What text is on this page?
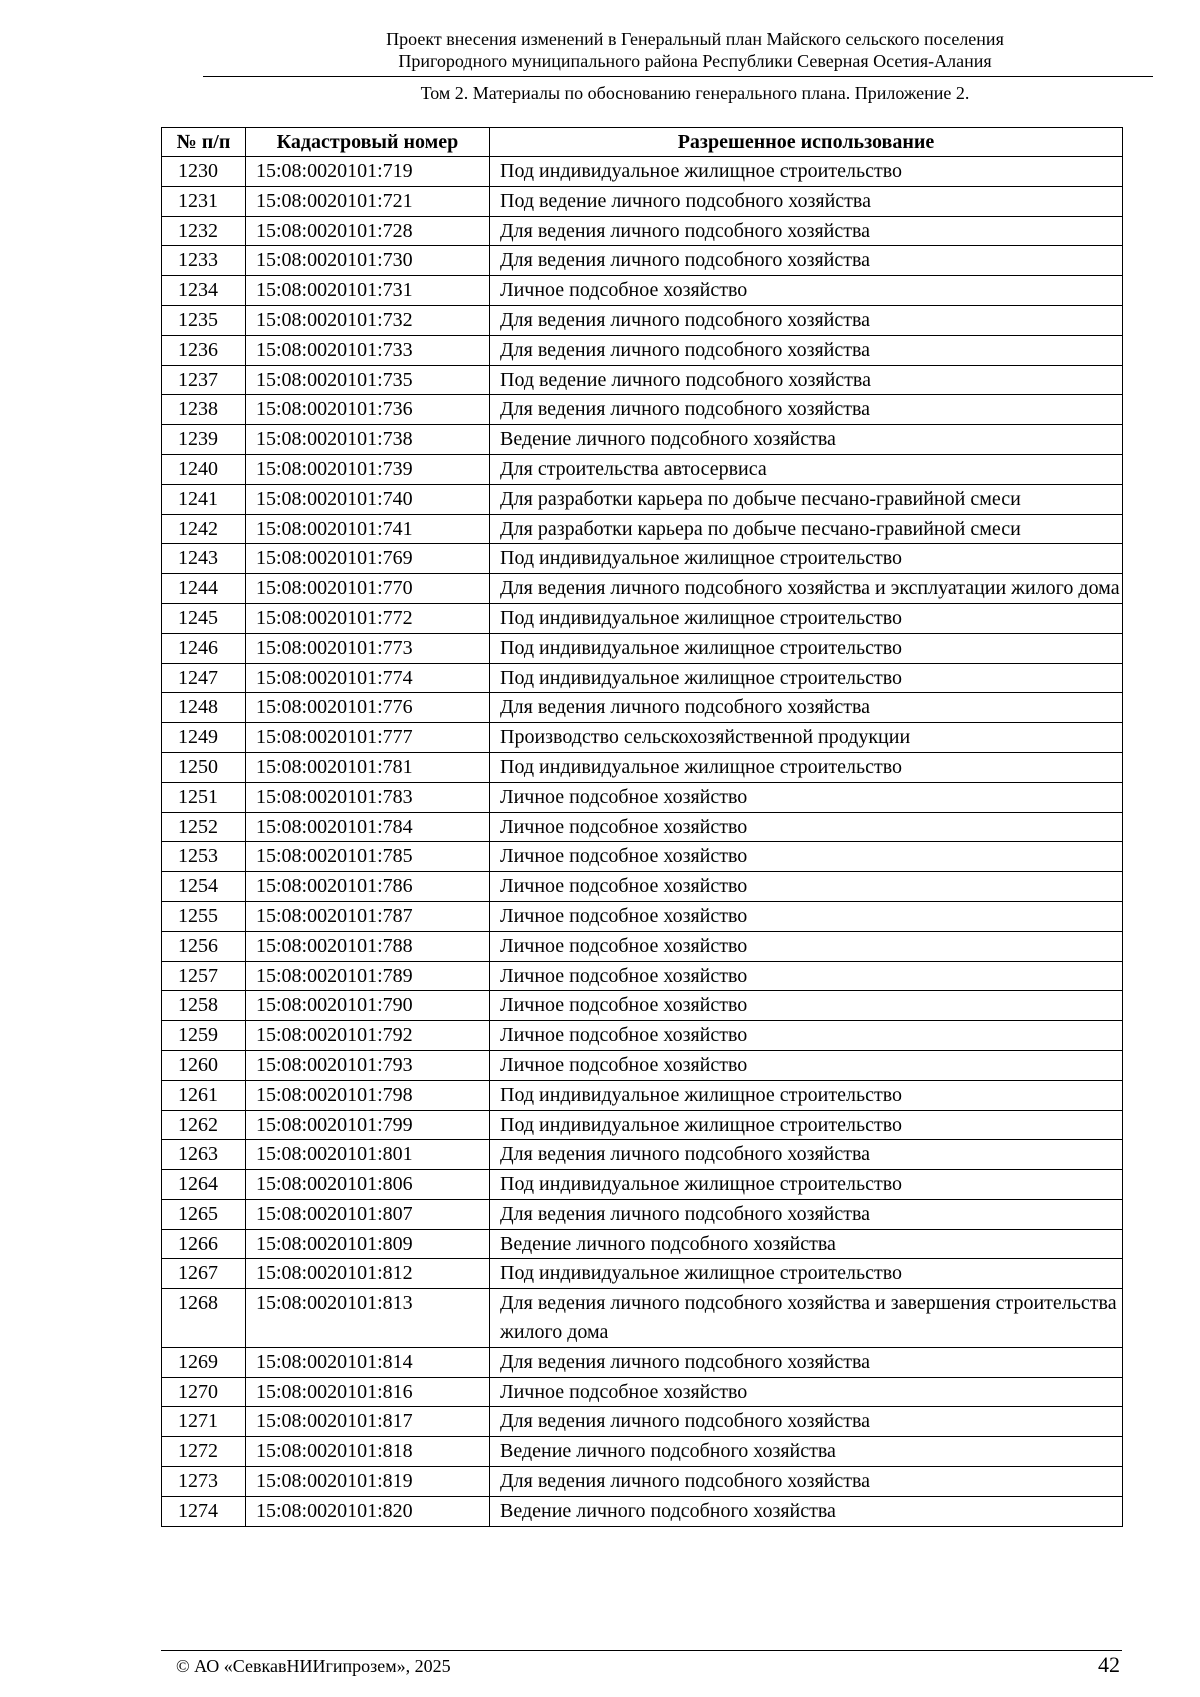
Проект внесения изменений в Генеральный план Майского сельского поселения
Пригородного муниципального района Республики Северная Осетия-Алания
Том 2. Материалы по обоснованию генерального плана. Приложение 2.
№ п/п	Кадастровый номер	Разрешенное использование
1230	15:08:0020101:719	Под индивидуальное жилищное строительство
1231	15:08:0020101:721	Под ведение личного подсобного хозяйства
1232	15:08:0020101:728	Для ведения личного подсобного хозяйства
1233	15:08:0020101:730	Для ведения личного подсобного хозяйства
1234	15:08:0020101:731	Личное подсобное хозяйство
1235	15:08:0020101:732	Для ведения личного подсобного хозяйства
1236	15:08:0020101:733	Для ведения личного подсобного хозяйства
1237	15:08:0020101:735	Под ведение личного подсобного хозяйства
1238	15:08:0020101:736	Для ведения личного подсобного хозяйства
1239	15:08:0020101:738	Ведение личного подсобного хозяйства
1240	15:08:0020101:739	Для строительства автосервиса
1241	15:08:0020101:740	Для разработки карьера по добыче песчано-гравийной смеси
1242	15:08:0020101:741	Для разработки карьера по добыче песчано-гравийной смеси
1243	15:08:0020101:769	Под индивидуальное жилищное строительство
1244	15:08:0020101:770	Для ведения личного подсобного хозяйства и эксплуатации жилого дома
1245	15:08:0020101:772	Под индивидуальное жилищное строительство
1246	15:08:0020101:773	Под индивидуальное жилищное строительство
1247	15:08:0020101:774	Под индивидуальное жилищное строительство
1248	15:08:0020101:776	Для ведения личного подсобного хозяйства
1249	15:08:0020101:777	Производство сельскохозяйственной продукции
1250	15:08:0020101:781	Под индивидуальное жилищное строительство
1251	15:08:0020101:783	Личное подсобное хозяйство
1252	15:08:0020101:784	Личное подсобное хозяйство
1253	15:08:0020101:785	Личное подсобное хозяйство
1254	15:08:0020101:786	Личное подсобное хозяйство
1255	15:08:0020101:787	Личное подсобное хозяйство
1256	15:08:0020101:788	Личное подсобное хозяйство
1257	15:08:0020101:789	Личное подсобное хозяйство
1258	15:08:0020101:790	Личное подсобное хозяйство
1259	15:08:0020101:792	Личное подсобное хозяйство
1260	15:08:0020101:793	Личное подсобное хозяйство
1261	15:08:0020101:798	Под индивидуальное жилищное строительство
1262	15:08:0020101:799	Под индивидуальное жилищное строительство
1263	15:08:0020101:801	Для ведения личного подсобного хозяйства
1264	15:08:0020101:806	Под индивидуальное жилищное строительство
1265	15:08:0020101:807	Для ведения личного подсобного хозяйства
1266	15:08:0020101:809	Ведение личного подсобного хозяйства
1267	15:08:0020101:812	Под индивидуальное жилищное строительство
1268	15:08:0020101:813	Для ведения личного подсобного хозяйства и завершения строительства жилого дома
1269	15:08:0020101:814	Для ведения личного подсобного хозяйства
1270	15:08:0020101:816	Личное подсобное хозяйство
1271	15:08:0020101:817	Для ведения личного подсобного хозяйства
1272	15:08:0020101:818	Ведение личного подсобного хозяйства
1273	15:08:0020101:819	Для ведения личного подсобного хозяйства
1274	15:08:0020101:820	Ведение личного подсобного хозяйства
© АО «СевкавНИИгипрозем», 2025	42
